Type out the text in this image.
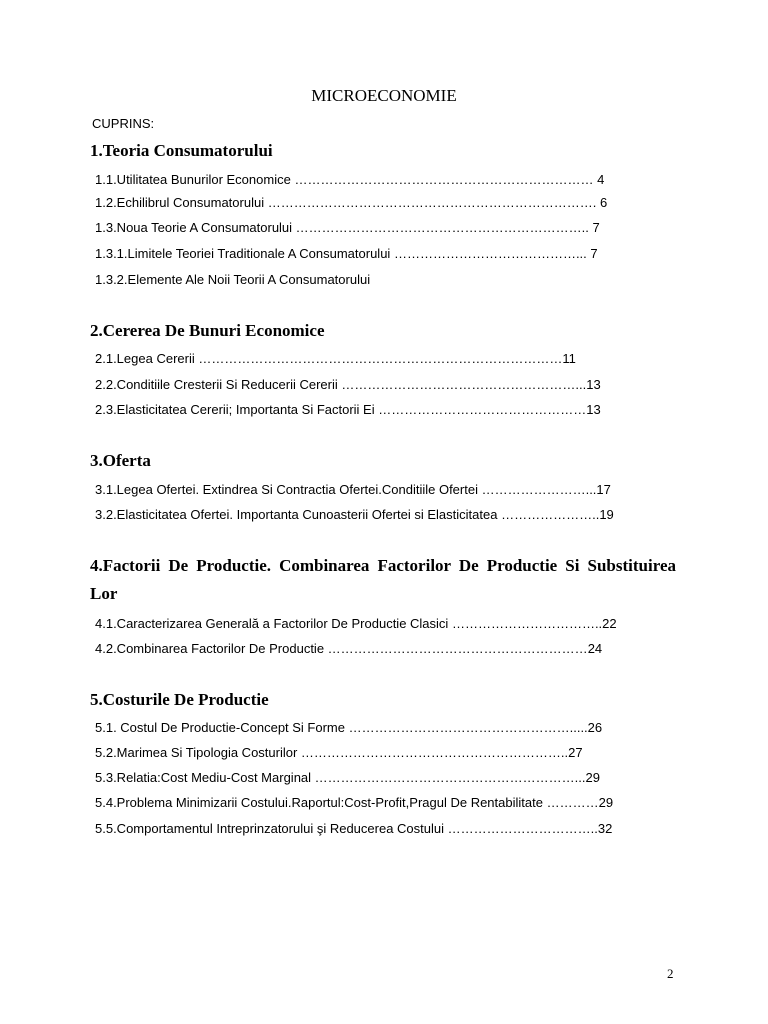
MICROECONOMIE
CUPRINS:
1.Teoria Consumatorului
1.1.Utilitatea Bunurilor Economice …………………………………………………………… 4
1.2.Echilibrul Consumatorului …………………………………………………………………. 6
1.3.Noua Teorie A Consumatorului ………………………………………………………….. 7
1.3.1.Limitele Teoriei Traditionale A Consumatorului ……………………………………... 7
1.3.2.Elemente Ale Noii Teorii A Consumatorului
2.Cererea De Bunuri Economice
2.1.Legea Cererii …………………………………………………………………………11
2.2.Conditiile Cresterii Si Reducerii Cererii ………………………………………………...13
2.3.Elasticitatea Cererii; Importanta Si Factorii Ei …………………………………………13
3.Oferta
3.1.Legea Ofertei. Extindrea Si Contractia Ofertei.Conditiile Ofertei ……………………...17
3.2.Elasticitatea Ofertei. Importanta Cunoasterii Ofertei si Elasticitatea …………………..19
4.Factorii De Productie. Combinarea Factorilor De Productie Si Substituirea Lor
4.1.Caracterizarea Generală a Factorilor De Productie Clasici ……………………………..22
4.2.Combinarea Factorilor De Productie ……………………………………………………24
5.Costurile De Productie
5.1. Costul De Productie-Concept Si Forme …………………………………………….....26
5.2.Marimea Si Tipologia Costurilor ……………………………………………………..27
5.3.Relatia:Cost Mediu-Cost Marginal ……………………………………………………...29
5.4.Problema Minimizarii Costului.Raportul:Cost-Profit,Pragul De Rentabilitate …………29
5.5.Comportamentul Intreprinzatorului şi Reducerea Costului ……………………………..32
2
